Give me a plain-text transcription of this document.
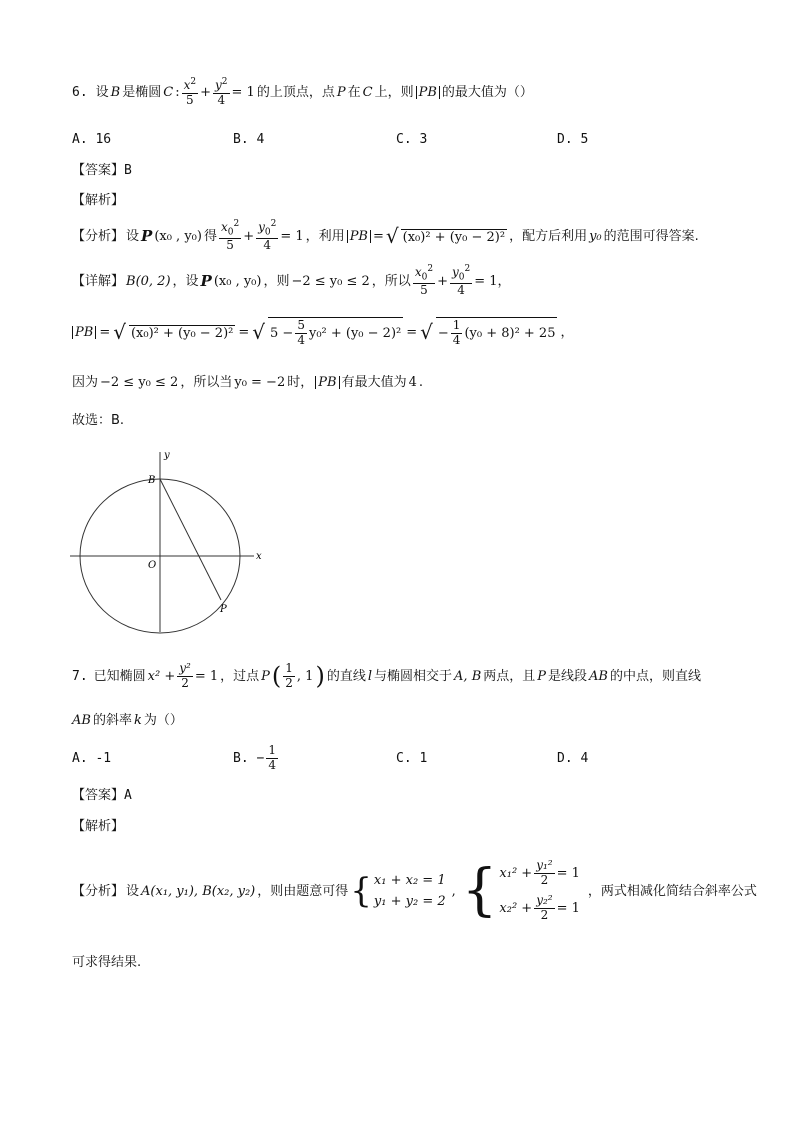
6. 设 B 是椭圆 C : $\frac{x^2}{5} + \frac{y^2}{4} = 1$ 的上顶点，点 P 在 C 上，则 PB 的最大值为（）
A. 16	B. 4	C. 3	D. 5
【答案】B
【解析】
【分析】 设 P (x₀ , y₀) 得 $\frac{x_0^2}{5} + \frac{y_0^2}{4} = 1$ ，利用 PB = √ (x₀)² + (y₀ − 2)² ，配方后利用 y₀ 的范围可得答案.
【详解】 B(0, 2) ，设 P (x₀ , y₀) ，则 −2 ≤ y₀ ≤ 2 ，所以 $\frac{x_0^2}{5} + \frac{y_0^2}{4} = 1$，
PB = √ (x₀)² + (y₀ − 2)² = √ $5 - \frac{5}{4} y_0^2 + (y_0 - 2)^2$ = √ − $\frac{1}{4} (y_0 + 8)^2 + 25$ ，
因为 −2 ≤ y₀ ≤ 2 ，所以当 y₀ = −2 时， PB 有最大值为 4 .
故选：B.
y
x
B
O
P
7. 已知椭圆 $x^2 + \frac{\text{y²}}{2} = 1$ ，过点 P ( $\frac{1}{2}$ , 1 ) 的直线 l 与椭圆相交于 A, B 两点，且 P 是线段 AB 的中点，则直线
AB 的斜率 k 为（）
A. -1	B. − $\frac{1}{4}$	C. 1	D. 4
【答案】A
【解析】
【分析】 设 A(x₁, y₁), B(x₂, y₂) ，则由题意可得 { x₁ + x₂ = 1
y₁ + y₂ = 2
, { $x_1^2 + \frac{\text{y₁²}}{2} = 1$
$x_2^2 + \frac{\text{y₂²}}{2} = 1$
，两式相减化简结合斜率公式
可求得结果.
